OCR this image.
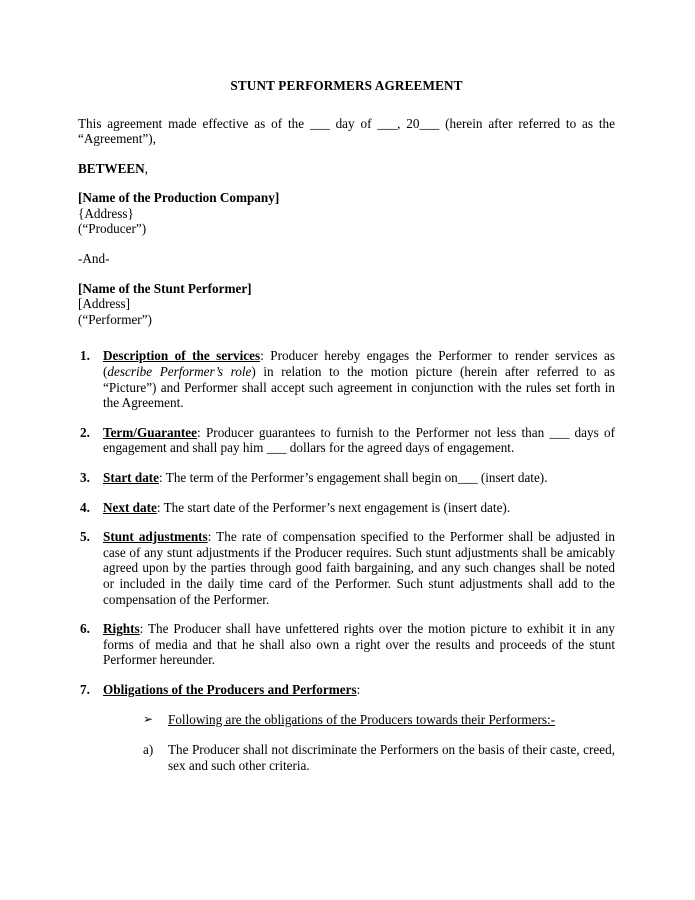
STUNT PERFORMERS AGREEMENT

This agreement made effective as of the ___ day of ___, 20___ (herein after referred to as the “Agreement”),

BETWEEN,

[Name of the Production Company]

{Address}

(“Producer”)

-And-

[Name of the Stunt Performer]

[Address]

(“Performer”)

1. Description of the services: Producer hereby engages the Performer to render services as (describe Performer’s role) in relation to the motion picture (herein after referred to as “Picture”) and Performer shall accept such agreement in conjunction with the rules set forth in the Agreement.
2. Term/Guarantee: Producer guarantees to furnish to the Performer not less than ___ days of engagement and shall pay him ___ dollars for the agreed days of engagement.
3. Start date: The term of the Performer’s engagement shall begin on___ (insert date).
4. Next date: The start date of the Performer’s next engagement is (insert date).
5. Stunt adjustments: The rate of compensation specified to the Performer shall be adjusted in case of any stunt adjustments if the Producer requires. Such stunt adjustments shall be amicably agreed upon by the parties through good faith bargaining, and any such changes shall be noted or included in the daily time card of the Performer. Such stunt adjustments shall add to the compensation of the Performer.
6. Rights: The Producer shall have unfettered rights over the motion picture to exhibit it in any forms of media and that he shall also own a right over the results and proceeds of the stunt Performer hereunder.
7. Obligations of the Producers and Performers:
➢ Following are the obligations of the Producers towards their Performers:-
a)	The Producer shall not discriminate the Performers on the basis of their caste, creed, sex and such other criteria.
